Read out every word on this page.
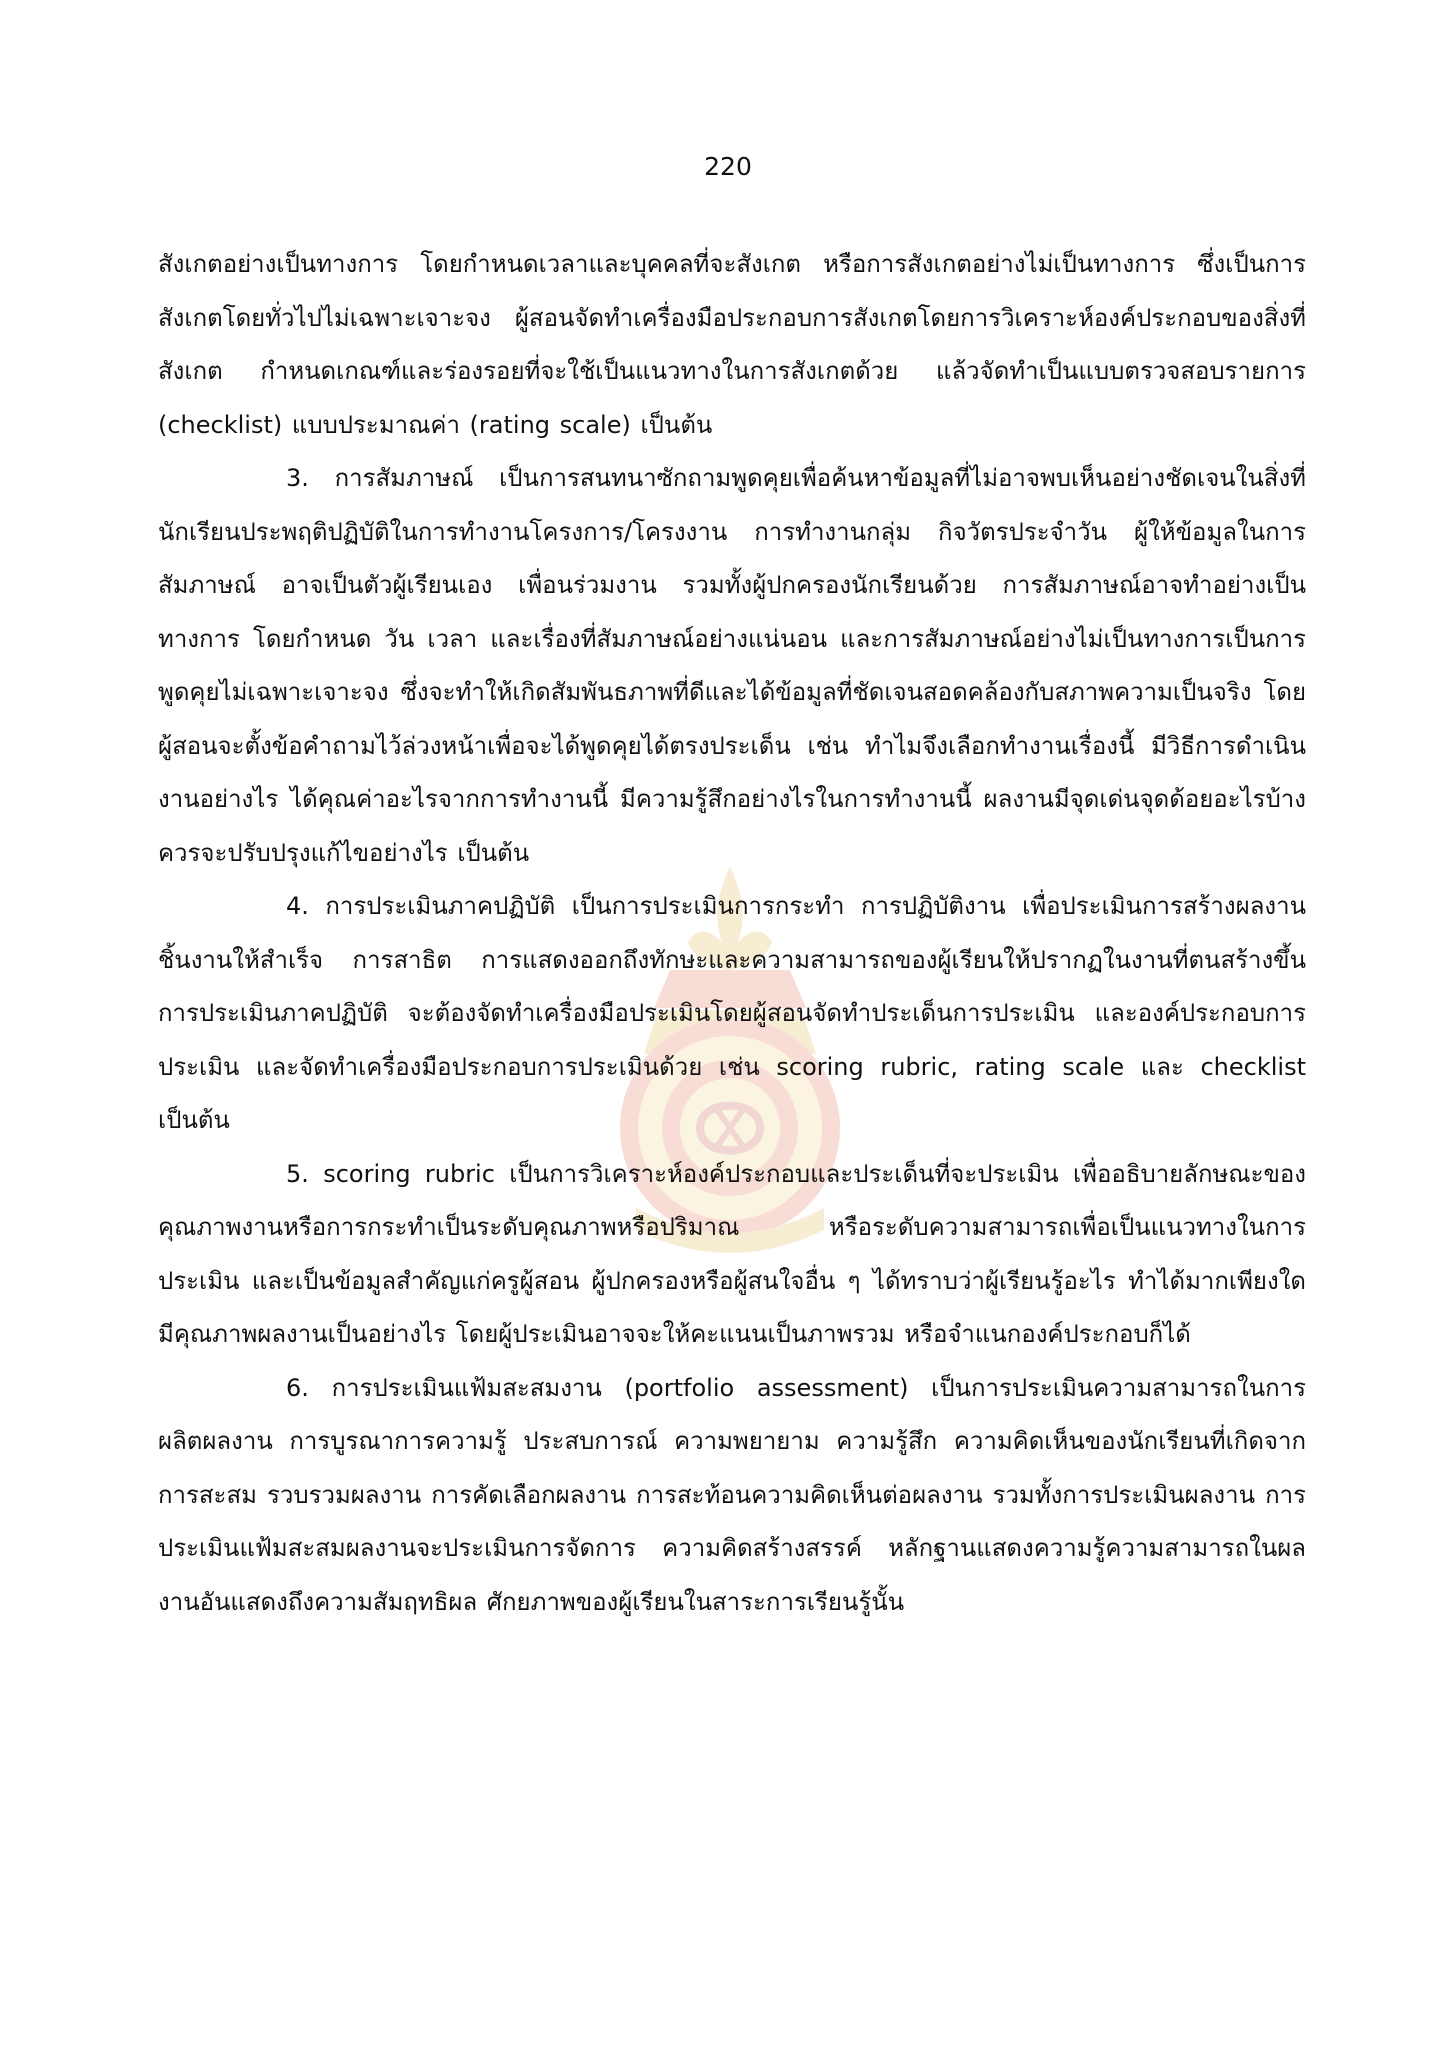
220

สังเกตอย่างเป็นทางการ โดยกำหนดเวลาและบุคคลที่จะสังเกต หรือการสังเกตอย่างไม่เป็นทางการ ซึ่งเป็นการสังเกตโดยทั่วไปไม่เฉพาะเจาะจง ผู้สอนจัดทำเครื่องมือประกอบการสังเกตโดยการวิเคราะห์องค์ประกอบของสิ่งที่สังเกต กำหนดเกณฑ์และร่องรอยที่จะใช้เป็นแนวทางในการสังเกตด้วย แล้วจัดทำเป็นแบบตรวจสอบรายการ (checklist) แบบประมาณค่า (rating scale) เป็นต้น

3. การสัมภาษณ์ เป็นการสนทนาซักถามพูดคุยเพื่อค้นหาข้อมูลที่ไม่อาจพบเห็นอย่างชัดเจนในสิ่งที่นักเรียนประพฤติปฏิบัติในการทำงานโครงการ/โครงงาน การทำงานกลุ่ม กิจวัตรประจำวัน ผู้ให้ข้อมูลในการสัมภาษณ์ อาจเป็นตัวผู้เรียนเอง เพื่อนร่วมงาน รวมทั้งผู้ปกครองนักเรียนด้วย การสัมภาษณ์อาจทำอย่างเป็นทางการ โดยกำหนด วัน เวลา และเรื่องที่สัมภาษณ์อย่างแน่นอน และการสัมภาษณ์อย่างไม่เป็นทางการเป็นการพูดคุยไม่เฉพาะเจาะจง ซึ่งจะทำให้เกิดสัมพันธภาพที่ดีและได้ข้อมูลที่ชัดเจนสอดคล้องกับสภาพความเป็นจริง โดยผู้สอนจะตั้งข้อคำถามไว้ล่วงหน้าเพื่อจะได้พูดคุยได้ตรงประเด็น เช่น ทำไมจึงเลือกทำงานเรื่องนี้ มีวิธีการดำเนินงานอย่างไร ได้คุณค่าอะไรจากการทำงานนี้ มีความรู้สึกอย่างไรในการทำงานนี้ ผลงานมีจุดเด่นจุดด้อยอะไรบ้าง ควรจะปรับปรุงแก้ไขอย่างไร เป็นต้น

4. การประเมินภาคปฏิบัติ เป็นการประเมินการกระทำ การปฏิบัติงาน เพื่อประเมินการสร้างผลงานชิ้นงานให้สำเร็จ การสาธิต การแสดงออกถึงทักษะและความสามารถของผู้เรียนให้ปรากฏในงานที่ตนสร้างขึ้น การประเมินภาคปฏิบัติ จะต้องจัดทำเครื่องมือประเมินโดยผู้สอนจัดทำประเด็นการประเมิน และองค์ประกอบการประเมิน และจัดทำเครื่องมือประกอบการประเมินด้วย เช่น scoring rubric, rating scale และ checklist เป็นต้น

5. scoring rubric เป็นการวิเคราะห์องค์ประกอบและประเด็นที่จะประเมิน เพื่ออธิบายลักษณะของคุณภาพงานหรือการกระทำเป็นระดับคุณภาพหรือปริมาณ หรือระดับความสามารถเพื่อเป็นแนวทางในการประเมิน และเป็นข้อมูลสำคัญแก่ครูผู้สอน ผู้ปกครองหรือผู้สนใจอื่น ๆ ได้ทราบว่าผู้เรียนรู้อะไร ทำได้มากเพียงใด มีคุณภาพผลงานเป็นอย่างไร โดยผู้ประเมินอาจจะให้คะแนนเป็นภาพรวม หรือจำแนกองค์ประกอบก็ได้

6. การประเมินแฟ้มสะสมงาน (portfolio assessment) เป็นการประเมินความสามารถในการผลิตผลงาน การบูรณาการความรู้ ประสบการณ์ ความพยายาม ความรู้สึก ความคิดเห็นของนักเรียนที่เกิดจากการสะสม รวบรวมผลงาน การคัดเลือกผลงาน การสะท้อนความคิดเห็นต่อผลงาน รวมทั้งการประเมินผลงาน การประเมินแฟ้มสะสมผลงานจะประเมินการจัดการ ความคิดสร้างสรรค์ หลักฐานแสดงความรู้ความสามารถในผลงานอันแสดงถึงความสัมฤทธิผล ศักยภาพของผู้เรียนในสาระการเรียนรู้นั้น
